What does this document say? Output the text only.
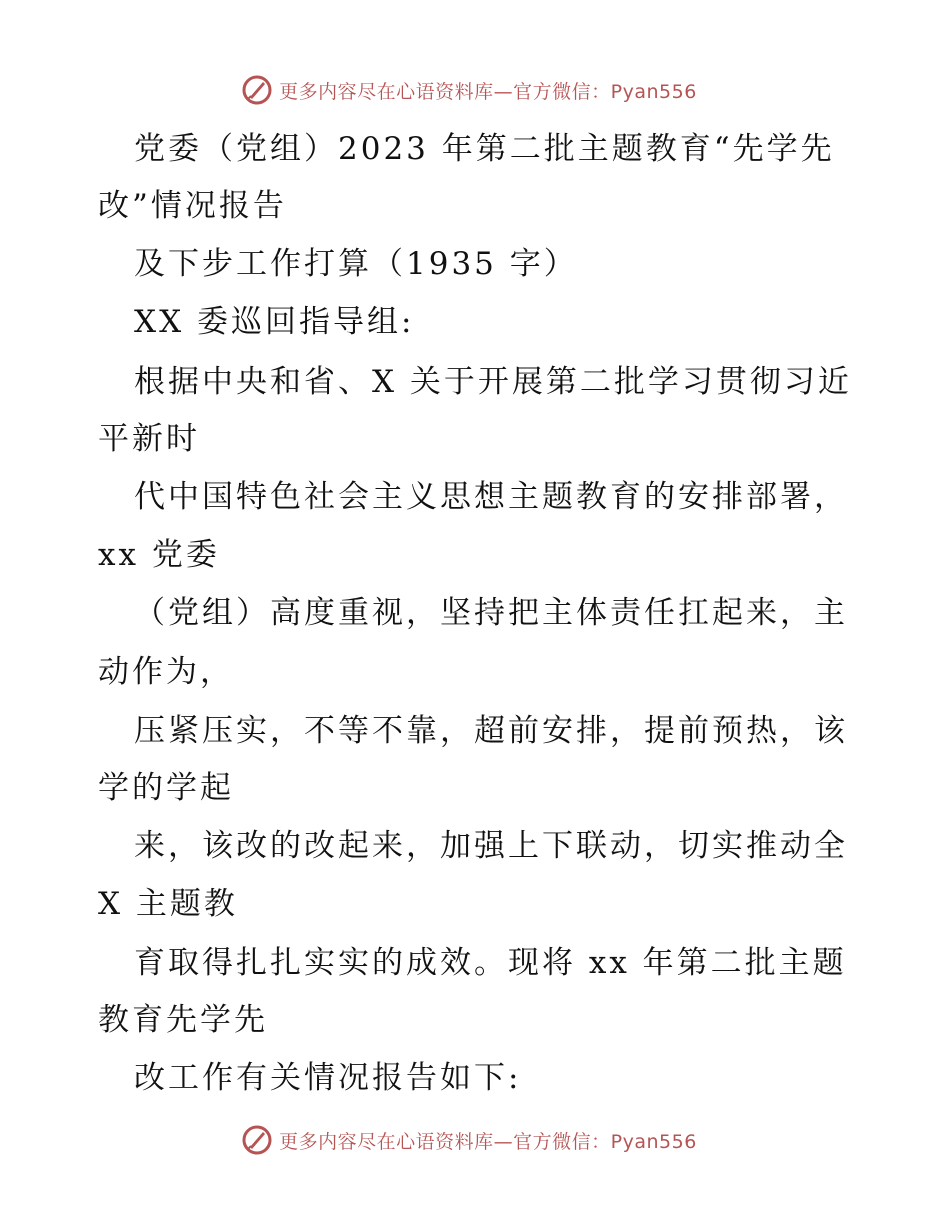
更多内容尽在心语资料库—官方微信：Pyan556
党委（党组）2023 年第二批主题教育“先学先
改”情况报告
及下步工作打算（1935 字）
XX 委巡回指导组:
根据中央和省、X 关于开展第二批学习贯彻习近
平新时
代中国特色社会主义思想主题教育的安排部署，
xx 党委
（党组）高度重视，坚持把主体责任扛起来，主
动作为，
压紧压实，不等不靠，超前安排，提前预热，该
学的学起
来，该改的改起来，加强上下联动，切实推动全
X 主题教
育取得扎扎实实的成效。现将 xx 年第二批主题
教育先学先
改工作有关情况报告如下:
更多内容尽在心语资料库—官方微信：Pyan556
